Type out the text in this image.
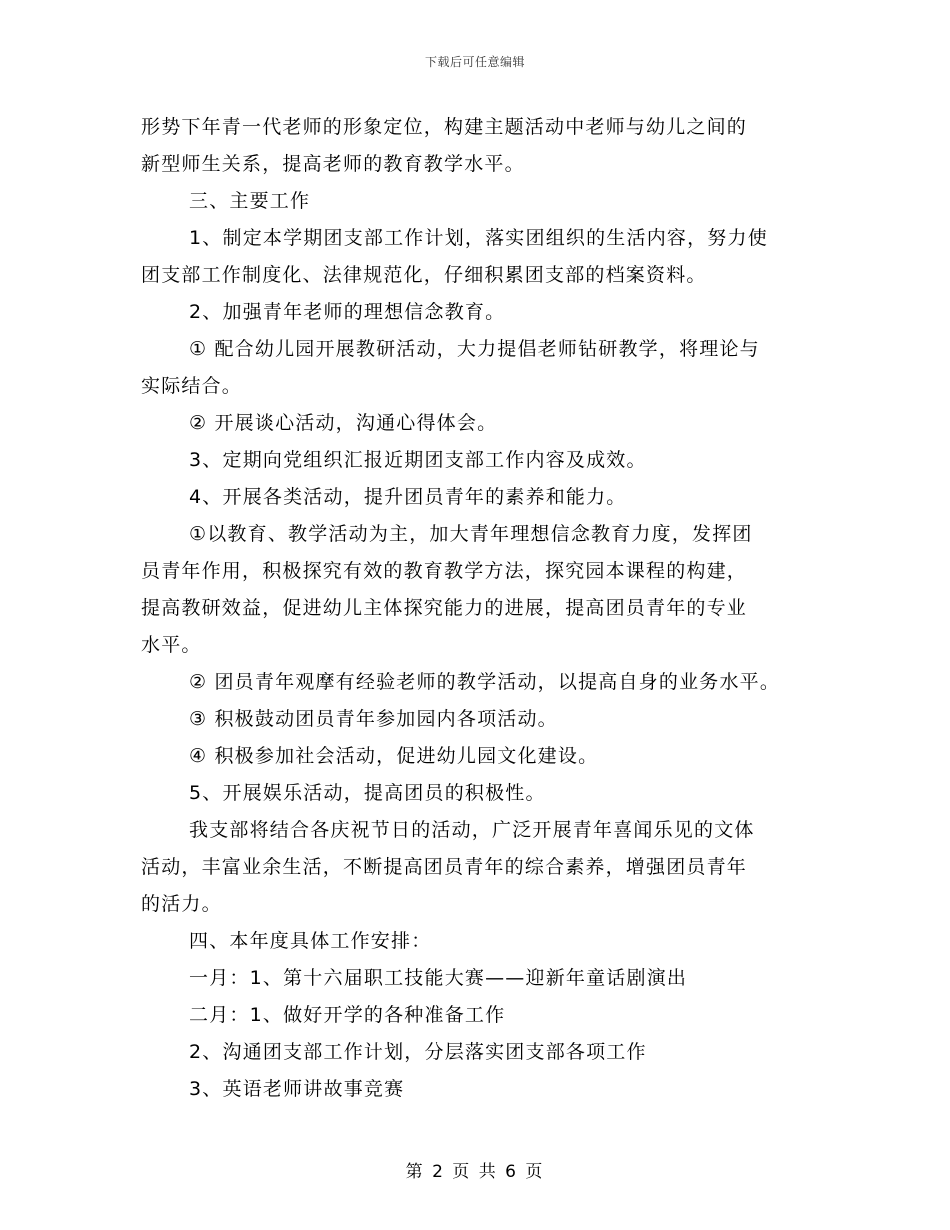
下载后可任意编辑
形势下年青一代老师的形象定位，构建主题活动中老师与幼儿之间的
新型师生关系，提高老师的教育教学水平。
三、主要工作
1、制定本学期团支部工作计划，落实团组织的生活内容，努力使
团支部工作制度化、法律规范化，仔细积累团支部的档案资料。
2、加强青年老师的理想信念教育。
① 配合幼儿园开展教研活动，大力提倡老师钻研教学，将理论与
实际结合。
② 开展谈心活动，沟通心得体会。
3、定期向党组织汇报近期团支部工作内容及成效。
4、开展各类活动，提升团员青年的素养和能力。
①以教育、教学活动为主，加大青年理想信念教育力度，发挥团
员青年作用，积极探究有效的教育教学方法，探究园本课程的构建，
提高教研效益，促进幼儿主体探究能力的进展，提高团员青年的专业
水平。
② 团员青年观摩有经验老师的教学活动，以提高自身的业务水平。
③ 积极鼓动团员青年参加园内各项活动。
④ 积极参加社会活动，促进幼儿园文化建设。
5、开展娱乐活动，提高团员的积极性。
我支部将结合各庆祝节日的活动，广泛开展青年喜闻乐见的文体
活动，丰富业余生活，不断提高团员青年的综合素养，增强团员青年
的活力。
四、本年度具体工作安排：
一月：1、第十六届职工技能大赛——迎新年童话剧演出
二月：1、做好开学的各种准备工作
2、沟通团支部工作计划，分层落实团支部各项工作
3、英语老师讲故事竞赛
第 2 页 共 6 页
